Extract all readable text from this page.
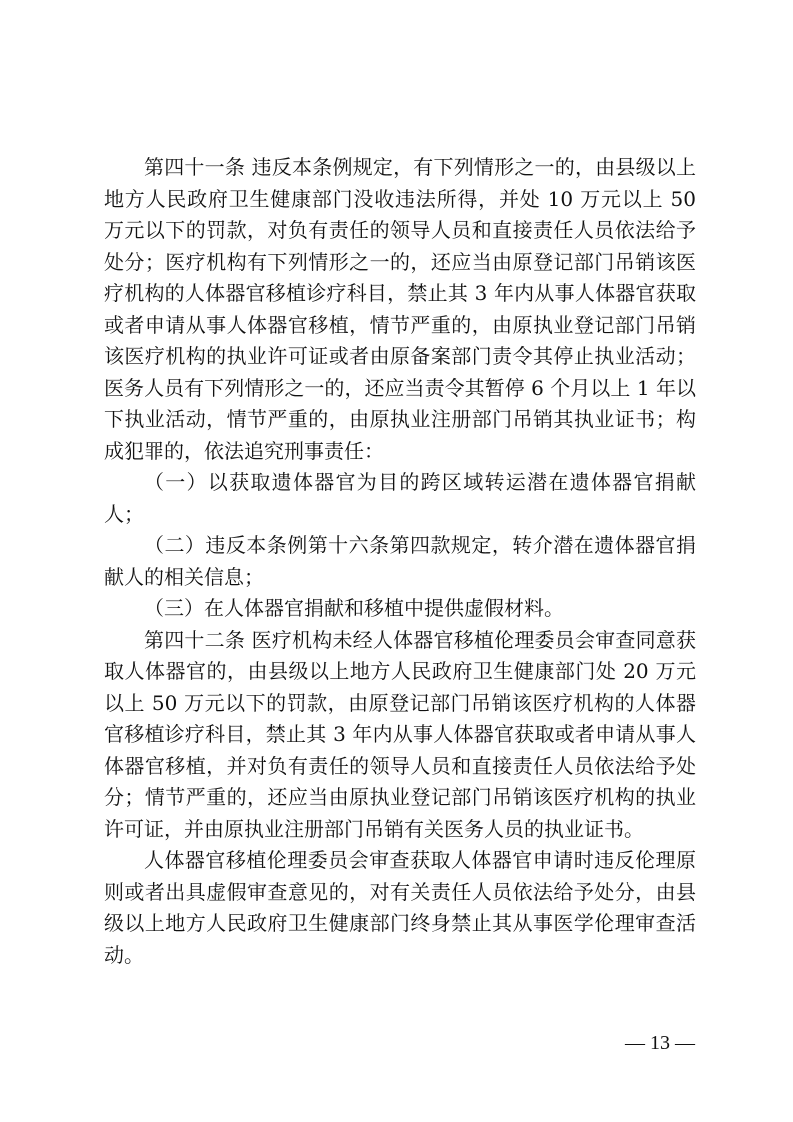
第四十一条 违反本条例规定，有下列情形之一的，由县级以上地方人民政府卫生健康部门没收违法所得，并处 10 万元以上 50 万元以下的罚款，对负有责任的领导人员和直接责任人员依法给予处分；医疗机构有下列情形之一的，还应当由原登记部门吊销该医疗机构的人体器官移植诊疗科目，禁止其 3 年内从事人体器官获取或者申请从事人体器官移植，情节严重的，由原执业登记部门吊销该医疗机构的执业许可证或者由原备案部门责令其停止执业活动；医务人员有下列情形之一的，还应当责令其暂停 6 个月以上 1 年以下执业活动，情节严重的，由原执业注册部门吊销其执业证书；构成犯罪的，依法追究刑事责任：

（一）以获取遗体器官为目的跨区域转运潜在遗体器官捐献人；

（二）违反本条例第十六条第四款规定，转介潜在遗体器官捐献人的相关信息；

（三）在人体器官捐献和移植中提供虚假材料。

第四十二条 医疗机构未经人体器官移植伦理委员会审查同意获取人体器官的，由县级以上地方人民政府卫生健康部门处 20 万元以上 50 万元以下的罚款，由原登记部门吊销该医疗机构的人体器官移植诊疗科目，禁止其 3 年内从事人体器官获取或者申请从事人体器官移植，并对负有责任的领导人员和直接责任人员依法给予处分；情节严重的，还应当由原执业登记部门吊销该医疗机构的执业许可证，并由原执业注册部门吊销有关医务人员的执业证书。

人体器官移植伦理委员会审查获取人体器官申请时违反伦理原则或者出具虚假审查意见的，对有关责任人员依法给予处分，由县级以上地方人民政府卫生健康部门终身禁止其从事医学伦理审查活动。

— 13 —
